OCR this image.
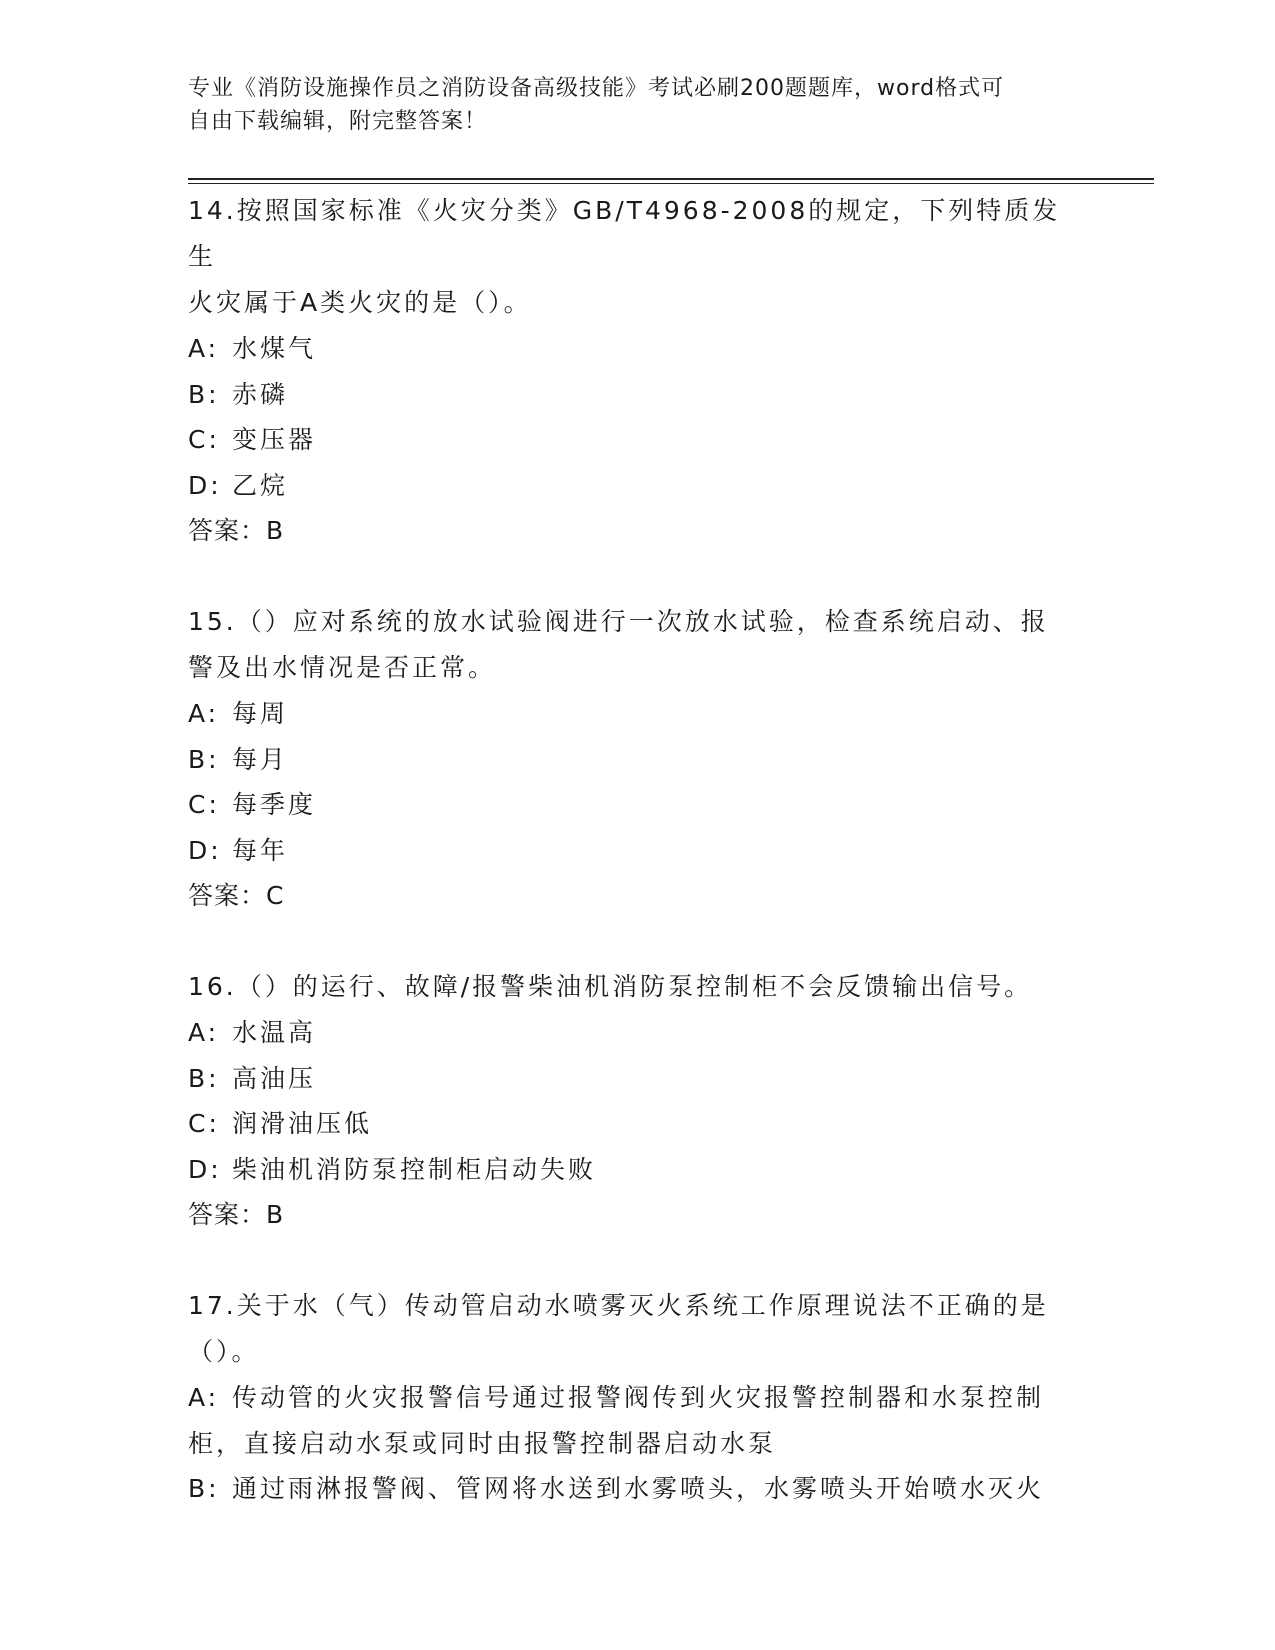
专业《消防设施操作员之消防设备高级技能》考试必刷200题题库，word格式可
自由下载编辑，附完整答案！
14.按照国家标准《火灾分类》GB/T4968-2008的规定，下列特质发生
火灾属于A类火灾的是（）。
A: 水煤气
B: 赤磷
C: 变压器
D: 乙烷
答案：B
15.（）应对系统的放水试验阀进行一次放水试验，检查系统启动、报
警及出水情况是否正常。
A: 每周
B: 每月
C: 每季度
D: 每年
答案：C
16.（）的运行、故障/报警柴油机消防泵控制柜不会反馈输出信号。
A: 水温高
B: 高油压
C: 润滑油压低
D: 柴油机消防泵控制柜启动失败
答案：B
17.关于水（气）传动管启动水喷雾灭火系统工作原理说法不正确的是
（）。
A: 传动管的火灾报警信号通过报警阀传到火灾报警控制器和水泵控制
柜，直接启动水泵或同时由报警控制器启动水泵
B: 通过雨淋报警阀、管网将水送到水雾喷头，水雾喷头开始喷水灭火
